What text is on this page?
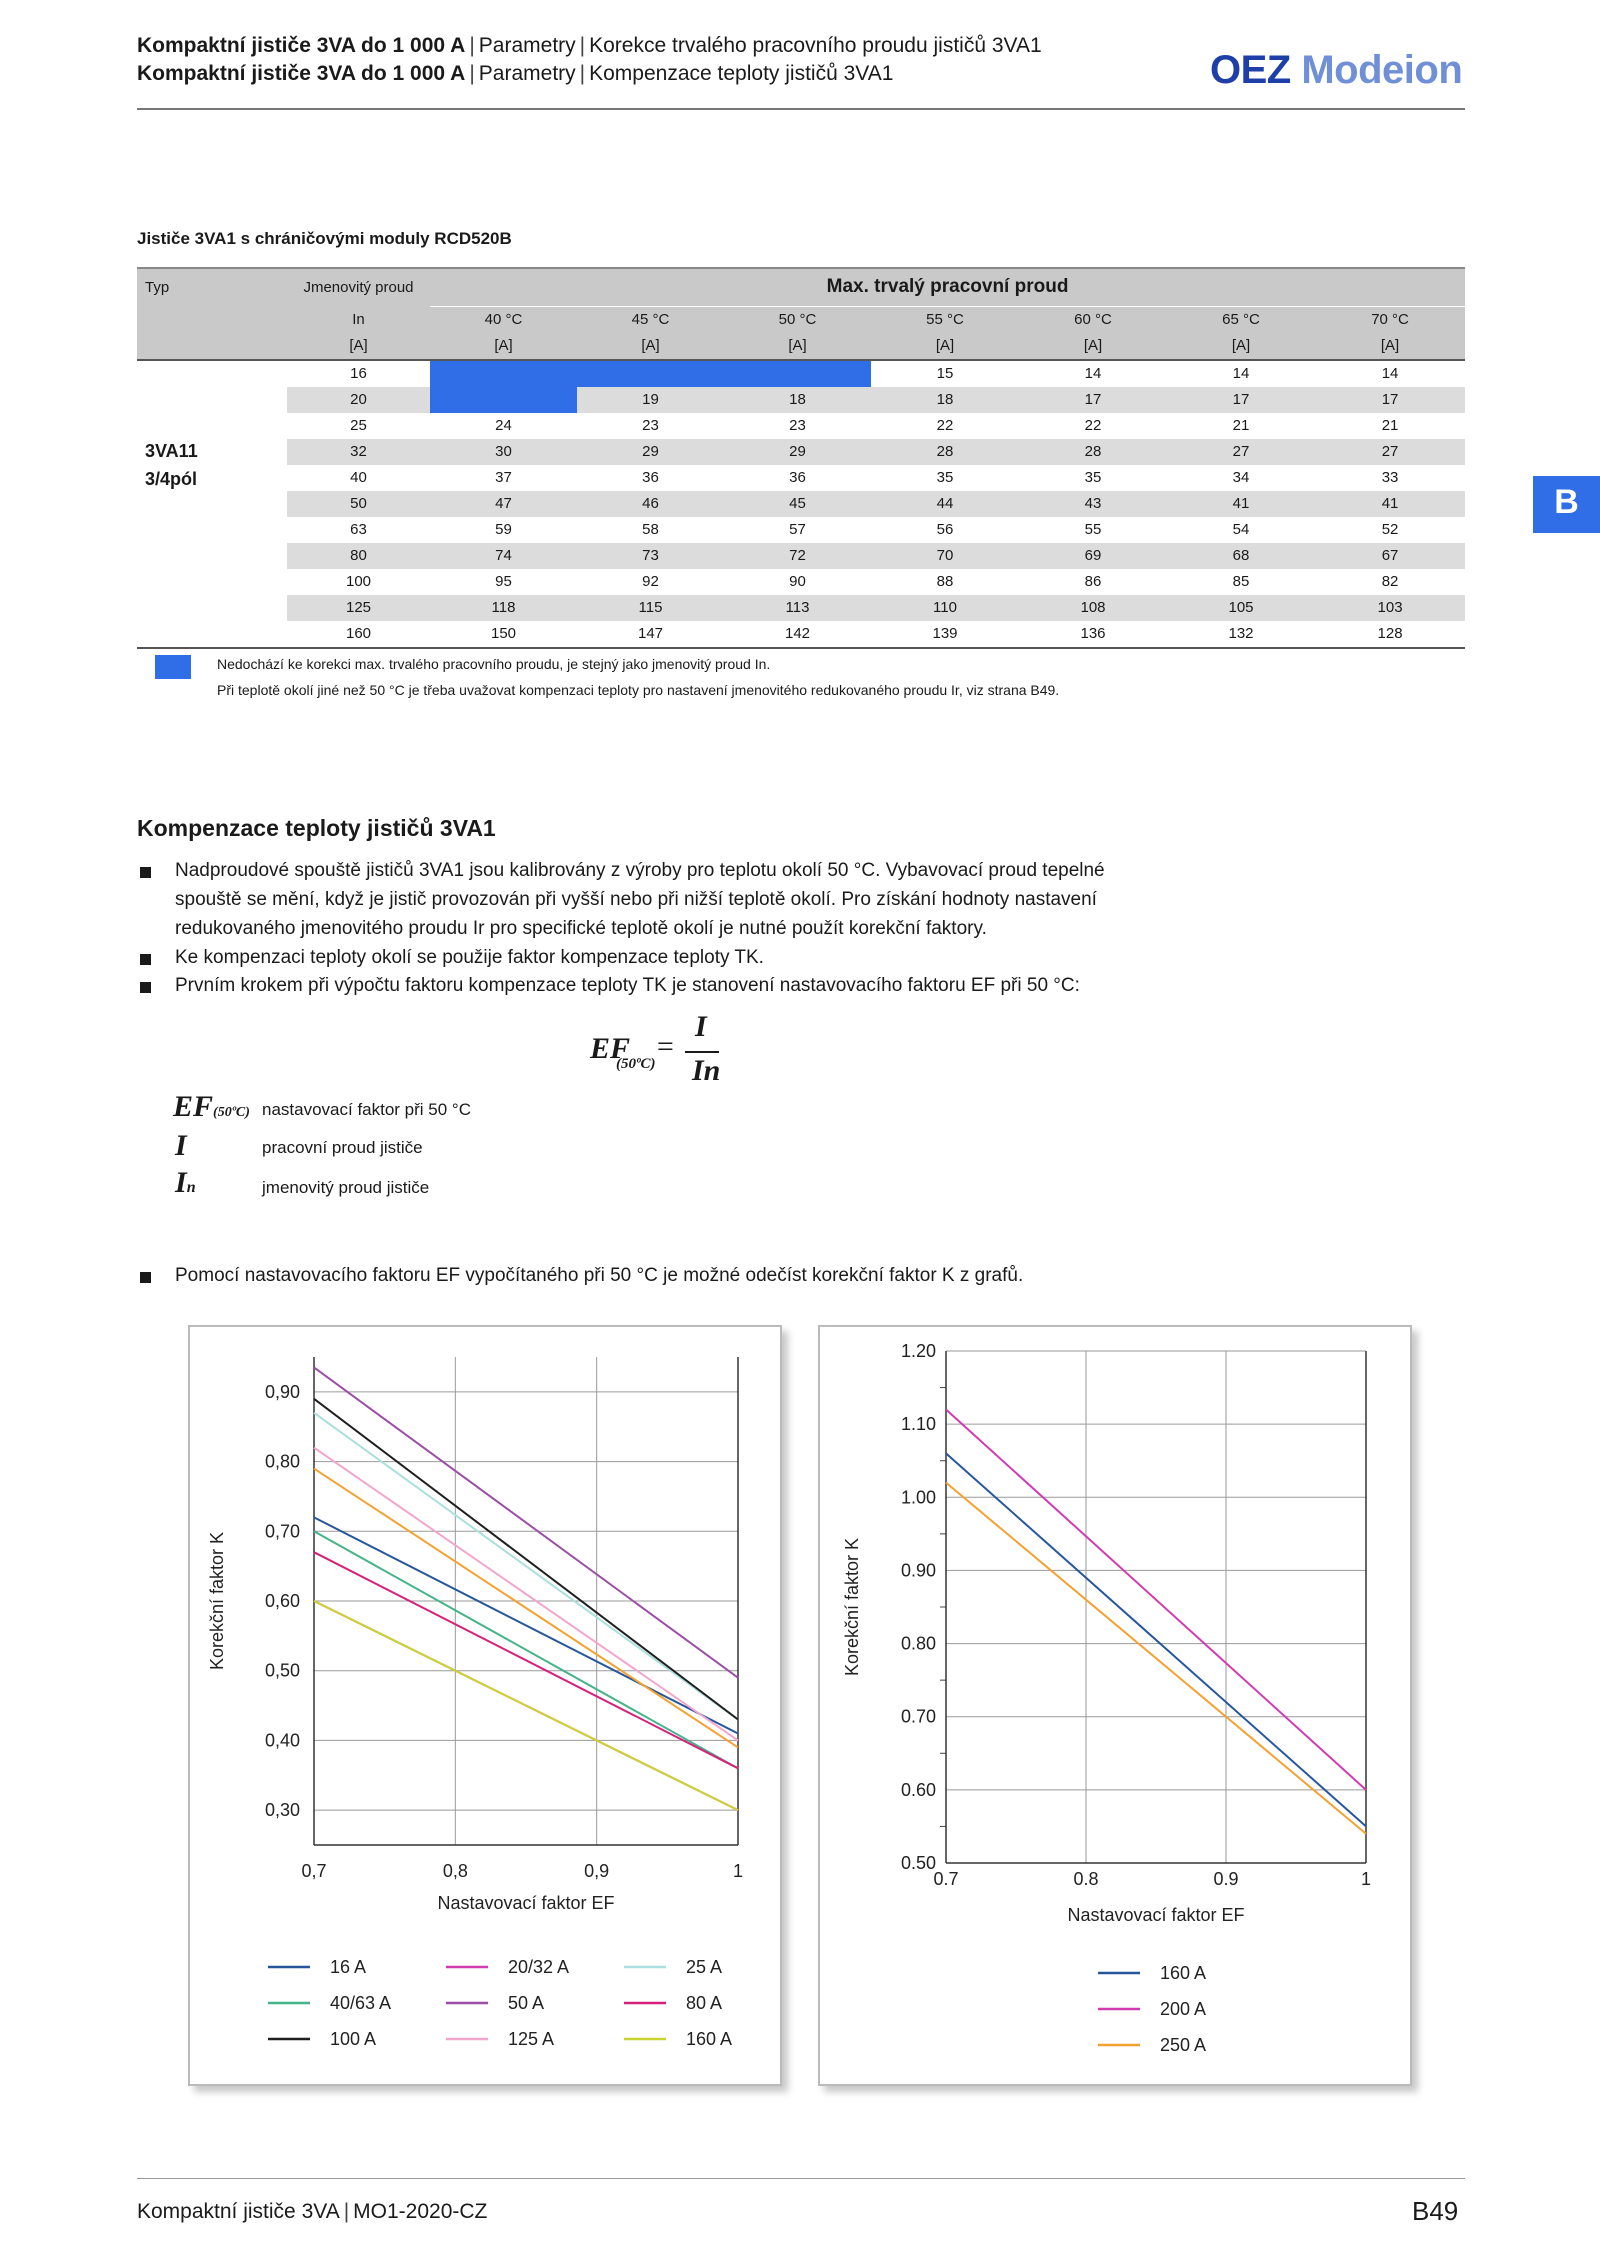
Kompaktní jističe 3VA do 1 000 A | Parametry | Korekce trvalého pracovního proudu jističů 3VA1
Kompaktní jističe 3VA do 1 000 A | Parametry | Kompenzace teploty jističů 3VA1	OEZ Modeion
B
Jističe 3VA1 s chráničovými moduly RCD520B
Typ	Jmenovitý proud	Max. trvalý pracovní proud						
	In	40 °C	45 °C	50 °C	55 °C	60 °C	65 °C	70 °C
	[A]	[A]	[A]	[A]	[A]	[A]	[A]	[A]
	16				15	14	14	14
	20		19	18	18	17	17	17
	25	24	23	23	22	22	21	21
	32	30	29	29	28	28	27	27
	40	37	36	36	35	35	34	33
	50	47	46	45	44	43	41	41
	63	59	58	57	56	55	54	52
	80	74	73	72	70	69	68	67
	100	95	92	90	88	86	85	82
	125	118	115	113	110	108	105	103
	160	150	147	142	139	136	132	128
3VA11
3/4pól
Nedochází ke korekci max. trvalého pracovního proudu, je stejný jako jmenovitý proud In.
Při teplotě okolí jiné než 50 °C je třeba uvažovat kompenzaci teploty pro nastavení jmenovitého redukovaného proudu Ir, viz strana B49.
Kompenzace teploty jističů 3VA1
Nadproudové spouště jističů 3VA1 jsou kalibrovány z výroby pro teplotu okolí 50 °C. Vybavovací proud tepelné
spouště se mění, když je jistič provozován při vyšší nebo při nižší teplotě okolí. Pro získání hodnoty nastavení
redukovaného jmenovitého proudu Ir pro specifické teplotě okolí je nutné použít korekční faktory.
Ke kompenzaci teploty okolí se použije faktor kompenzace teploty TK.
Prvním krokem při výpočtu faktoru kompenzace teploty TK je stanovení nastavovacího faktoru EF při 50 °C:
EF
(50ºC)
=
I
In
EF(50ºC) nastavovací faktor při 50 °C
I	pracovní proud jističe
In	jmenovitý proud jističe
Pomocí nastavovacího faktoru EF vypočítaného při 50 °C je možné odečíst korekční faktor K z grafů.
0,7	0,8	0,9	1
0,30
0,40
0,50
0,60
0,70
0,80
0,90
Nastavovací faktor EF
Korekční faktor K
16 A	20/32 A	25 A
40/63 A	50 A	80 A
100 A	125 A	160 A
0.7	0.8	0.9	1
0.50
0.60
0.70
0.80
0.90
1.00
1.10
1.20
Nastavovací faktor EF
Korekční faktor K
160 A
200 A
250 A
Kompaktní jističe 3VA | MO1-2020-CZ	B49
